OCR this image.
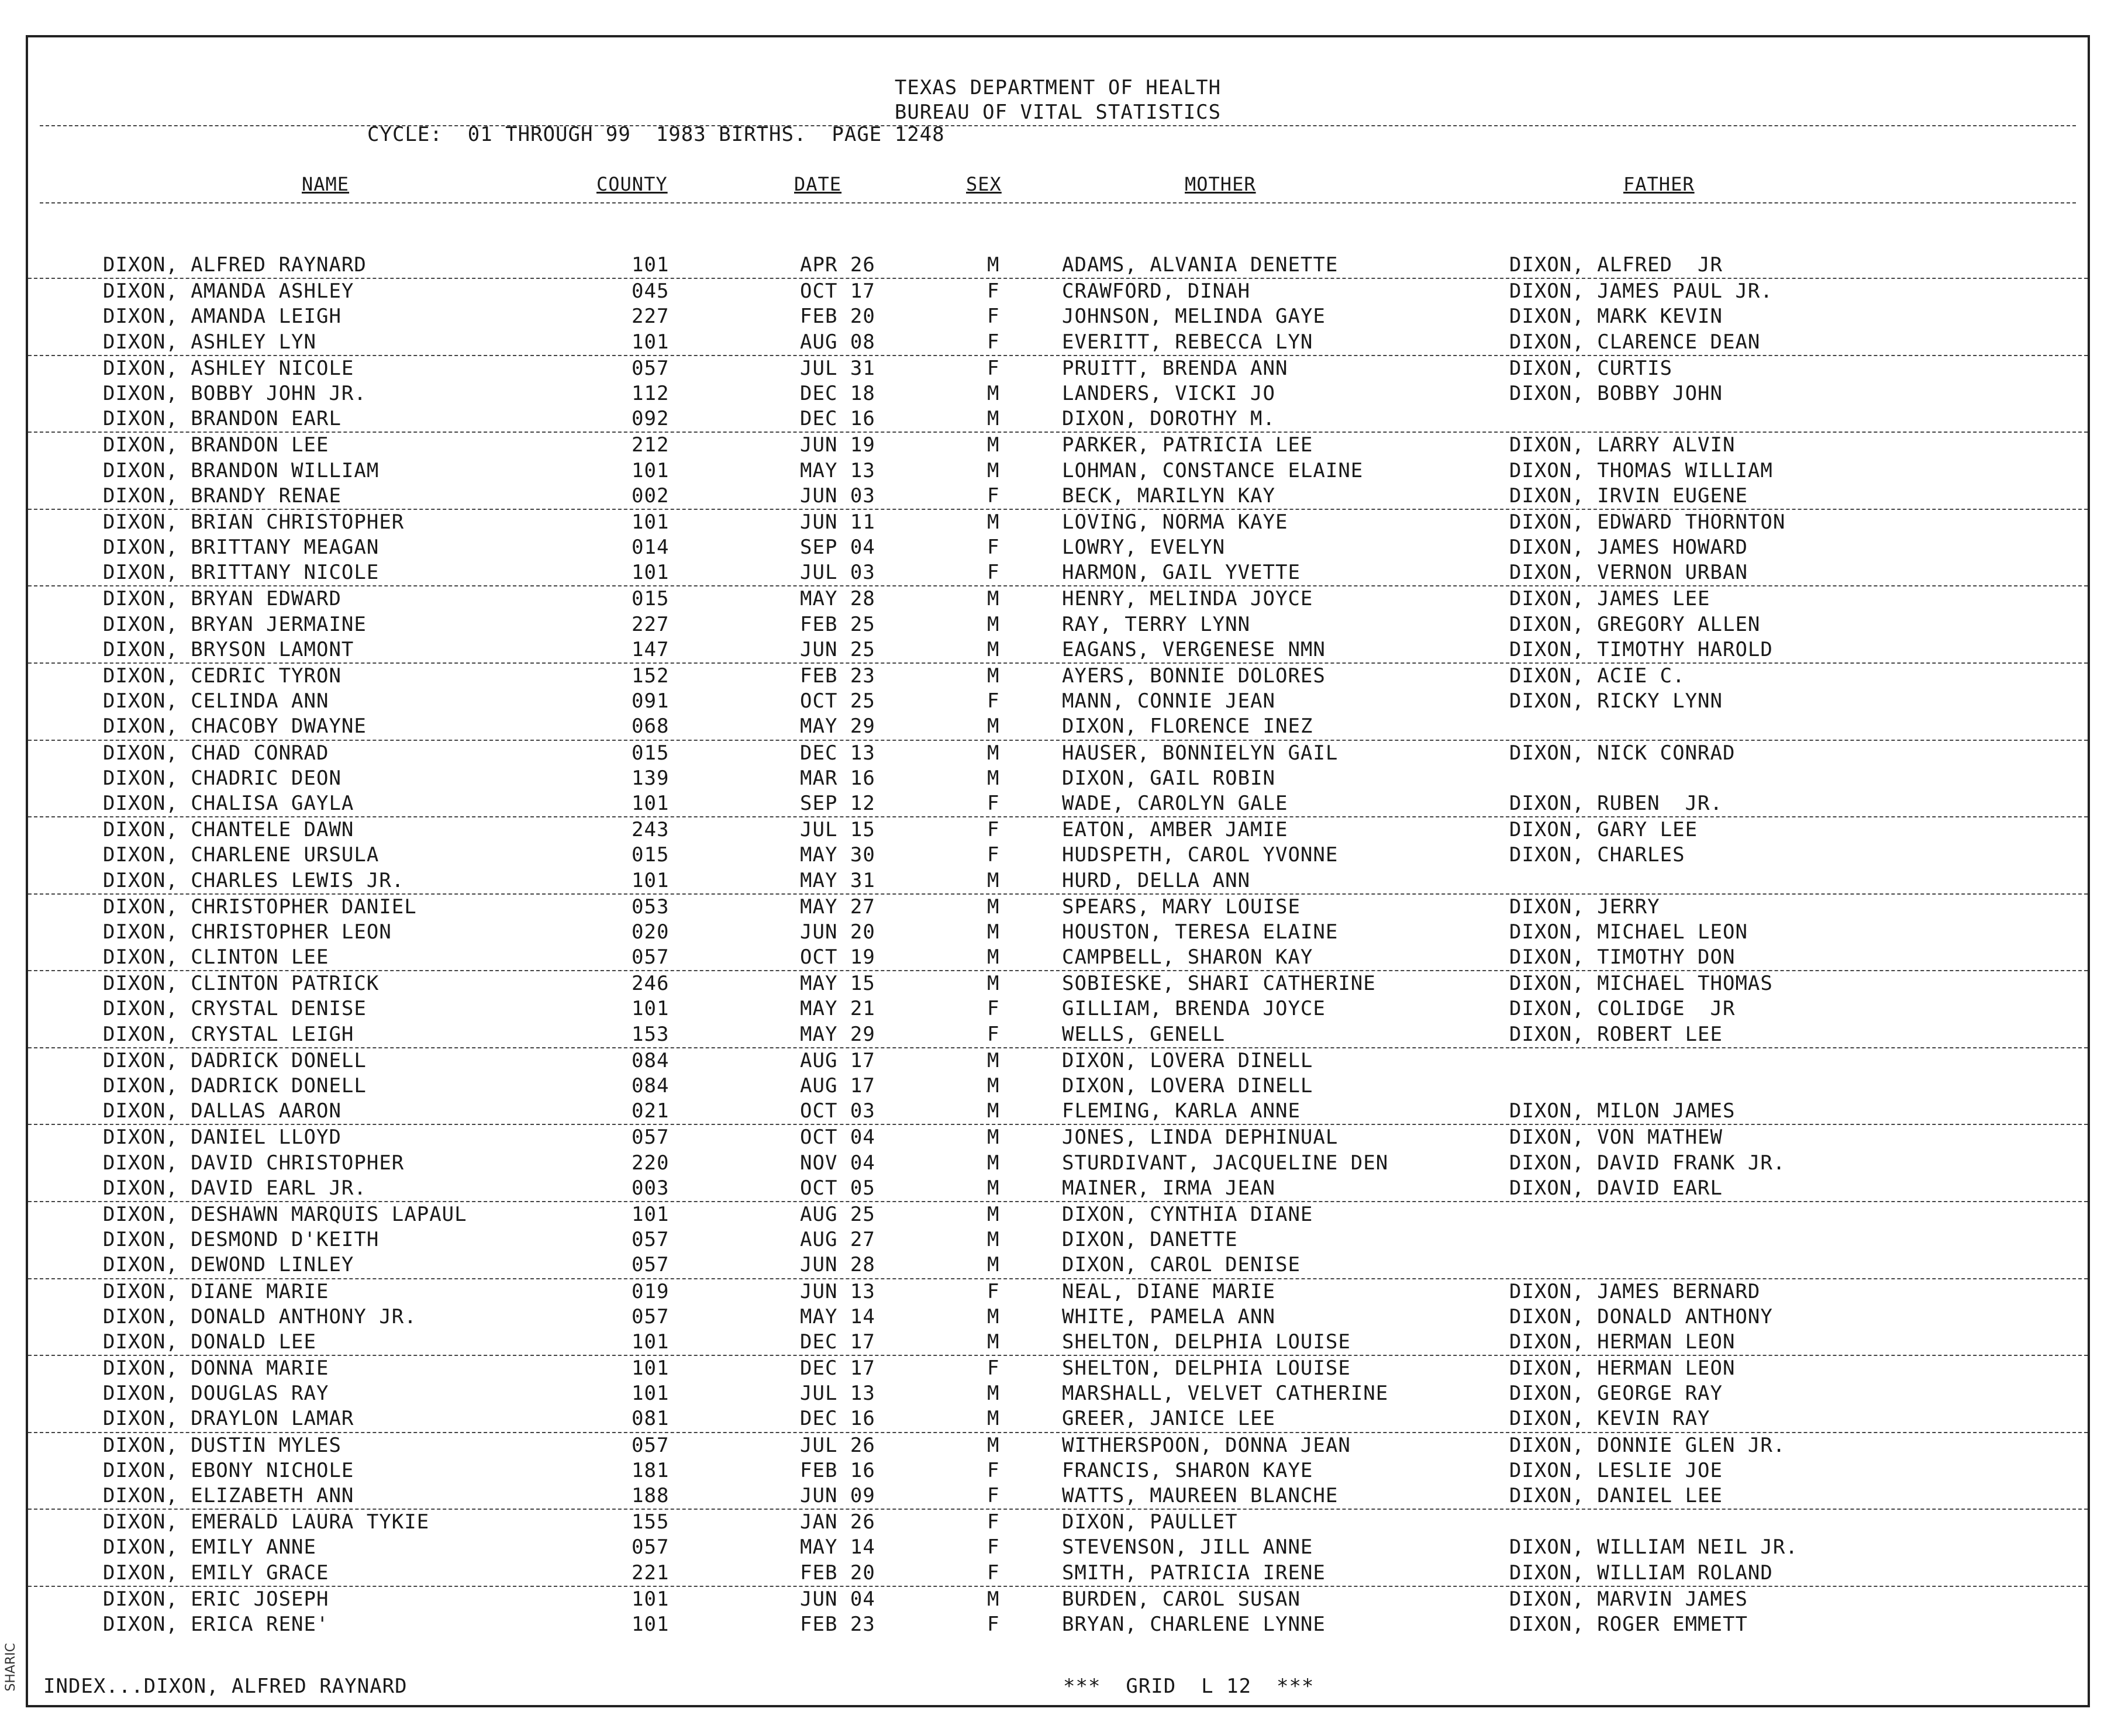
SHARIC
TEXAS DEPARTMENT OF HEALTH
BUREAU OF VITAL STATISTICS
CYCLE:  01 THROUGH 99  1983 BIRTHS.  PAGE 1248
NAME	COUNTY	DATE	SEX	MOTHER	FATHER
DIXON, ALFRED RAYNARD	101	APR 26	M	ADAMS, ALVANIA DENETTE	DIXON, ALFRED  JR
DIXON, AMANDA ASHLEY	045	OCT 17	F	CRAWFORD, DINAH	DIXON, JAMES PAUL JR.
DIXON, AMANDA LEIGH	227	FEB 20	F	JOHNSON, MELINDA GAYE	DIXON, MARK KEVIN
DIXON, ASHLEY LYN	101	AUG 08	F	EVERITT, REBECCA LYN	DIXON, CLARENCE DEAN
DIXON, ASHLEY NICOLE	057	JUL 31	F	PRUITT, BRENDA ANN	DIXON, CURTIS
DIXON, BOBBY JOHN JR.	112	DEC 18	M	LANDERS, VICKI JO	DIXON, BOBBY JOHN
DIXON, BRANDON EARL	092	DEC 16	M	DIXON, DOROTHY M.
DIXON, BRANDON LEE	212	JUN 19	M	PARKER, PATRICIA LEE	DIXON, LARRY ALVIN
DIXON, BRANDON WILLIAM	101	MAY 13	M	LOHMAN, CONSTANCE ELAINE	DIXON, THOMAS WILLIAM
DIXON, BRANDY RENAE	002	JUN 03	F	BECK, MARILYN KAY	DIXON, IRVIN EUGENE
DIXON, BRIAN CHRISTOPHER	101	JUN 11	M	LOVING, NORMA KAYE	DIXON, EDWARD THORNTON
DIXON, BRITTANY MEAGAN	014	SEP 04	F	LOWRY, EVELYN	DIXON, JAMES HOWARD
DIXON, BRITTANY NICOLE	101	JUL 03	F	HARMON, GAIL YVETTE	DIXON, VERNON URBAN
DIXON, BRYAN EDWARD	015	MAY 28	M	HENRY, MELINDA JOYCE	DIXON, JAMES LEE
DIXON, BRYAN JERMAINE	227	FEB 25	M	RAY, TERRY LYNN	DIXON, GREGORY ALLEN
DIXON, BRYSON LAMONT	147	JUN 25	M	EAGANS, VERGENESE NMN	DIXON, TIMOTHY HAROLD
DIXON, CEDRIC TYRON	152	FEB 23	M	AYERS, BONNIE DOLORES	DIXON, ACIE C.
DIXON, CELINDA ANN	091	OCT 25	F	MANN, CONNIE JEAN	DIXON, RICKY LYNN
DIXON, CHACOBY DWAYNE	068	MAY 29	M	DIXON, FLORENCE INEZ
DIXON, CHAD CONRAD	015	DEC 13	M	HAUSER, BONNIELYN GAIL	DIXON, NICK CONRAD
DIXON, CHADRIC DEON	139	MAR 16	M	DIXON, GAIL ROBIN
DIXON, CHALISA GAYLA	101	SEP 12	F	WADE, CAROLYN GALE	DIXON, RUBEN  JR.
DIXON, CHANTELE DAWN	243	JUL 15	F	EATON, AMBER JAMIE	DIXON, GARY LEE
DIXON, CHARLENE URSULA	015	MAY 30	F	HUDSPETH, CAROL YVONNE	DIXON, CHARLES
DIXON, CHARLES LEWIS JR.	101	MAY 31	M	HURD, DELLA ANN
DIXON, CHRISTOPHER DANIEL	053	MAY 27	M	SPEARS, MARY LOUISE	DIXON, JERRY
DIXON, CHRISTOPHER LEON	020	JUN 20	M	HOUSTON, TERESA ELAINE	DIXON, MICHAEL LEON
DIXON, CLINTON LEE	057	OCT 19	M	CAMPBELL, SHARON KAY	DIXON, TIMOTHY DON
DIXON, CLINTON PATRICK	246	MAY 15	M	SOBIESKE, SHARI CATHERINE	DIXON, MICHAEL THOMAS
DIXON, CRYSTAL DENISE	101	MAY 21	F	GILLIAM, BRENDA JOYCE	DIXON, COLIDGE  JR
DIXON, CRYSTAL LEIGH	153	MAY 29	F	WELLS, GENELL	DIXON, ROBERT LEE
DIXON, DADRICK DONELL	084	AUG 17	M	DIXON, LOVERA DINELL
DIXON, DADRICK DONELL	084	AUG 17	M	DIXON, LOVERA DINELL
DIXON, DALLAS AARON	021	OCT 03	M	FLEMING, KARLA ANNE	DIXON, MILON JAMES
DIXON, DANIEL LLOYD	057	OCT 04	M	JONES, LINDA DEPHINUAL	DIXON, VON MATHEW
DIXON, DAVID CHRISTOPHER	220	NOV 04	M	STURDIVANT, JACQUELINE DEN	DIXON, DAVID FRANK JR.
DIXON, DAVID EARL JR.	003	OCT 05	M	MAINER, IRMA JEAN	DIXON, DAVID EARL
DIXON, DESHAWN MARQUIS LAPAUL	101	AUG 25	M	DIXON, CYNTHIA DIANE
DIXON, DESMOND D'KEITH	057	AUG 27	M	DIXON, DANETTE
DIXON, DEWOND LINLEY	057	JUN 28	M	DIXON, CAROL DENISE
DIXON, DIANE MARIE	019	JUN 13	F	NEAL, DIANE MARIE	DIXON, JAMES BERNARD
DIXON, DONALD ANTHONY JR.	057	MAY 14	M	WHITE, PAMELA ANN	DIXON, DONALD ANTHONY
DIXON, DONALD LEE	101	DEC 17	M	SHELTON, DELPHIA LOUISE	DIXON, HERMAN LEON
DIXON, DONNA MARIE	101	DEC 17	F	SHELTON, DELPHIA LOUISE	DIXON, HERMAN LEON
DIXON, DOUGLAS RAY	101	JUL 13	M	MARSHALL, VELVET CATHERINE	DIXON, GEORGE RAY
DIXON, DRAYLON LAMAR	081	DEC 16	M	GREER, JANICE LEE	DIXON, KEVIN RAY
DIXON, DUSTIN MYLES	057	JUL 26	M	WITHERSPOON, DONNA JEAN	DIXON, DONNIE GLEN JR.
DIXON, EBONY NICHOLE	181	FEB 16	F	FRANCIS, SHARON KAYE	DIXON, LESLIE JOE
DIXON, ELIZABETH ANN	188	JUN 09	F	WATTS, MAUREEN BLANCHE	DIXON, DANIEL LEE
DIXON, EMERALD LAURA TYKIE	155	JAN 26	F	DIXON, PAULLET
DIXON, EMILY ANNE	057	MAY 14	F	STEVENSON, JILL ANNE	DIXON, WILLIAM NEIL JR.
DIXON, EMILY GRACE	221	FEB 20	F	SMITH, PATRICIA IRENE	DIXON, WILLIAM ROLAND
DIXON, ERIC JOSEPH	101	JUN 04	M	BURDEN, CAROL SUSAN	DIXON, MARVIN JAMES
DIXON, ERICA RENE'	101	FEB 23	F	BRYAN, CHARLENE LYNNE	DIXON, ROGER EMMETT
INDEX...DIXON, ALFRED RAYNARD	***  GRID  L 12  ***
